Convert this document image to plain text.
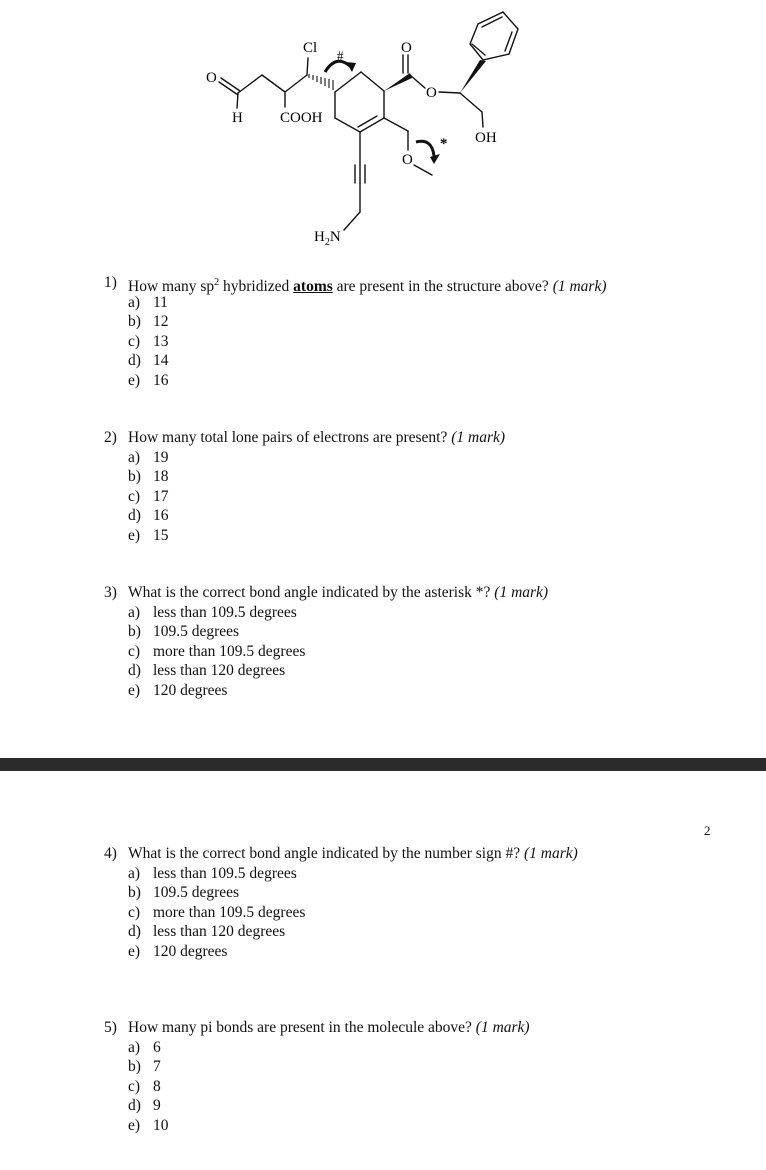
Cl #
O
H COOH
O
O
OH
O
*
$H_2N$
1) How many $sp^2$ hybridized atoms are present in the structure above? (1 mark)
a) 11
b) 12
c) 13
d) 14
e) 16
2) How many total lone pairs of electrons are present? (1 mark)
a) 19
b) 18
c) 17
d) 16
e) 15
3) What is the correct bond angle indicated by the asterisk *? (1 mark)
a) less than 109.5 degrees
b) 109.5 degrees
c) more than 109.5 degrees
d) less than 120 degrees
e) 120 degrees
2
4) What is the correct bond angle indicated by the number sign #? (1 mark)
a) less than 109.5 degrees
b) 109.5 degrees
c) more than 109.5 degrees
d) less than 120 degrees
e) 120 degrees
5) How many pi bonds are present in the molecule above? (1 mark)
a) 6
b) 7
c) 8
d) 9
e) 10
